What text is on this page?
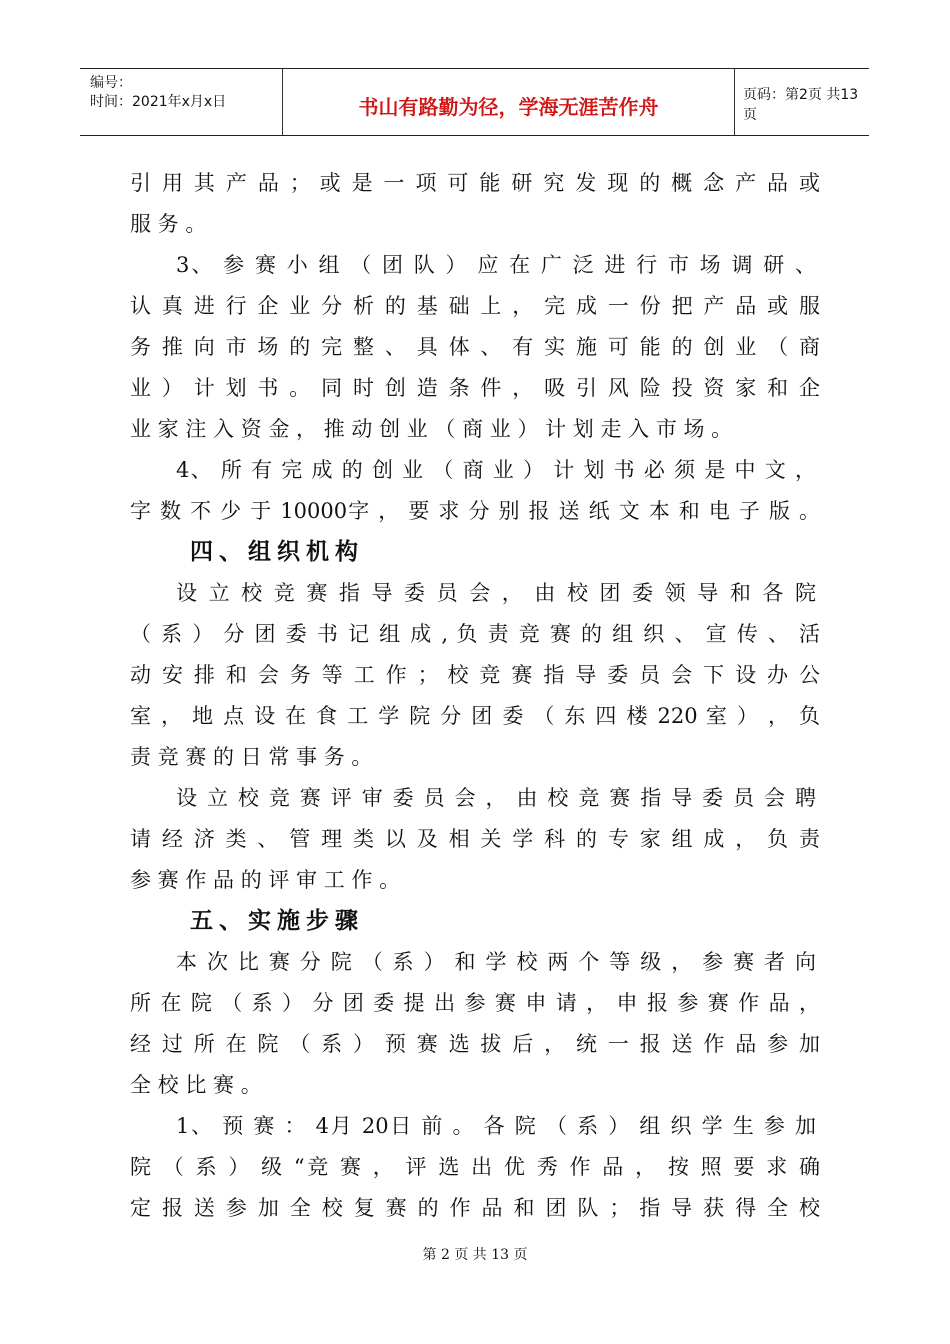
编号：
时间：2021年x月x日	书山有路勤为径，学海无涯苦作舟	页码：第2页 共13页
引 用 其 产 品 ； 或 是 一 项 可 能 研 究 发 现 的 概 念 产 品 或
服 务 。
3、 参 赛 小 组 （ 团 队 ） 应 在 广 泛 进 行 市 场 调 研 、
认 真 进 行 企 业 分 析 的 基 础 上 ， 完 成 一 份 把 产 品 或 服
务 推 向 市 场 的 完 整 、 具 体 、 有 实 施 可 能 的 创 业 （ 商
业 ） 计 划 书 。 同 时 创 造 条 件 ， 吸 引 风 险 投 资 家 和 企
业 家 注 入 资 金 ， 推 动 创 业 （ 商 业 ） 计 划 走 入 市 场 。
4、 所 有 完 成 的 创 业 （ 商 业 ） 计 划 书 必 须 是 中 文 ，
字 数 不 少 于 10000字 ， 要 求 分 别 报 送 纸 文 本 和 电 子 版 。
四、组织机构
设 立 校 竞 赛 指 导 委 员 会 ， 由 校 团 委 领 导 和 各 院
（ 系 ） 分 团 委 书 记 组 成 , 负 责 竞 赛 的 组 织 、 宣 传 、 活
动 安 排 和 会 务 等 工 作 ； 校 竞 赛 指 导 委 员 会 下 设 办 公
室 ， 地 点 设 在 食 工 学 院 分 团 委 （ 东 四 楼 220 室 ） ， 负
责 竞 赛 的 日 常 事 务 。
设 立 校 竞 赛 评 审 委 员 会 ， 由 校 竞 赛 指 导 委 员 会 聘
请 经 济 类 、 管 理 类 以 及 相 关 学 科 的 专 家 组 成 ， 负 责
参 赛 作 品 的 评 审 工 作 。
五、实施步骤
本 次 比 赛 分 院 （ 系 ） 和 学 校 两 个 等 级 ， 参 赛 者 向
所 在 院 （ 系 ） 分 团 委 提 出 参 赛 申 请 ， 申 报 参 赛 作 品 ，
经 过 所 在 院 （ 系 ） 预 赛 选 拔 后 ， 统 一 报 送 作 品 参 加
全 校 比 赛 。
1、 预 赛 ： 4月 20日 前 。 各 院 （ 系 ） 组 织 学 生 参 加
院 （ 系 ） 级 “竞 赛 ， 评 选 出 优 秀 作 品 ， 按 照 要 求 确
定 报 送 参 加 全 校 复 赛 的 作 品 和 团 队 ； 指 导 获 得 全 校
第 2 页 共 13 页
